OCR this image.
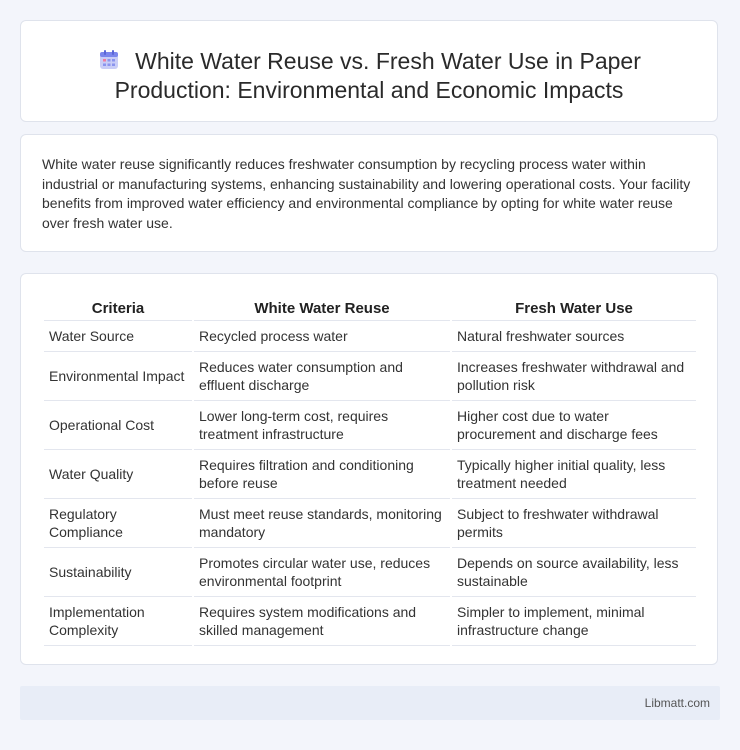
White Water Reuse vs. Fresh Water Use in Paper Production: Environmental and Economic Impacts

White water reuse significantly reduces freshwater consumption by recycling process water within industrial or manufacturing systems, enhancing sustainability and lowering operational costs. Your facility benefits from improved water efficiency and environmental compliance by opting for white water reuse over fresh water use.

Criteria	White Water Reuse	Fresh Water Use
Water Source	Recycled process water	Natural freshwater sources
Environmental Impact	Reduces water consumption and effluent discharge	Increases freshwater withdrawal and pollution risk
Operational Cost	Lower long-term cost, requires treatment infrastructure	Higher cost due to water procurement and discharge fees
Water Quality	Requires filtration and conditioning before reuse	Typically higher initial quality, less treatment needed
Regulatory Compliance	Must meet reuse standards, monitoring mandatory	Subject to freshwater withdrawal permits
Sustainability	Promotes circular water use, reduces environmental footprint	Depends on source availability, less sustainable
Implementation Complexity	Requires system modifications and skilled management	Simpler to implement, minimal infrastructure change
Libmatt.com
